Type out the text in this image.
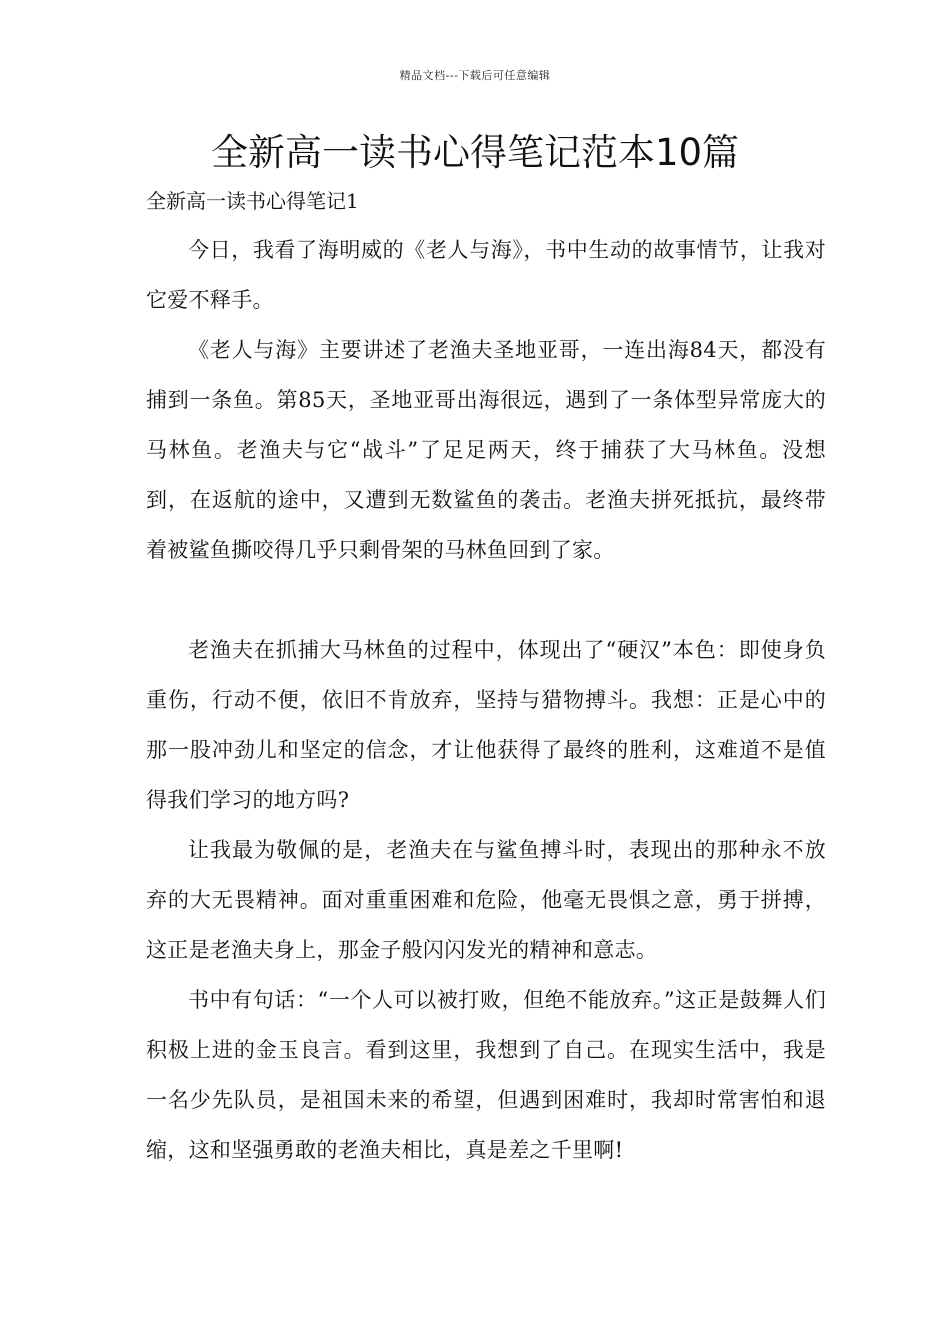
精品文档---下载后可任意编辑
全新高一读书心得笔记范本10篇
全新高一读书心得笔记1

今日，我看了海明威的《老人与海》，书中生动的故事情节，让我对它爱不释手。

《老人与海》主要讲述了老渔夫圣地亚哥，一连出海84天，都没有捕到一条鱼。第85天，圣地亚哥出海很远，遇到了一条体型异常庞大的马林鱼。老渔夫与它“战斗”了足足两天，终于捕获了大马林鱼。没想到，在返航的途中，又遭到无数鲨鱼的袭击。老渔夫拼死抵抗，最终带着被鲨鱼撕咬得几乎只剩骨架的马林鱼回到了家。

老渔夫在抓捕大马林鱼的过程中，体现出了“硬汉”本色：即使身负重伤，行动不便，依旧不肯放弃，坚持与猎物搏斗。我想：正是心中的那一股冲劲儿和坚定的信念，才让他获得了最终的胜利，这难道不是值得我们学习的地方吗?

让我最为敬佩的是，老渔夫在与鲨鱼搏斗时，表现出的那种永不放弃的大无畏精神。面对重重困难和危险，他毫无畏惧之意，勇于拼搏，这正是老渔夫身上，那金子般闪闪发光的精神和意志。

书中有句话：“一个人可以被打败，但绝不能放弃。”这正是鼓舞人们积极上进的金玉良言。看到这里，我想到了自己。在现实生活中，我是一名少先队员，是祖国未来的希望，但遇到困难时，我却时常害怕和退缩，这和坚强勇敢的老渔夫相比，真是差之千里啊!
